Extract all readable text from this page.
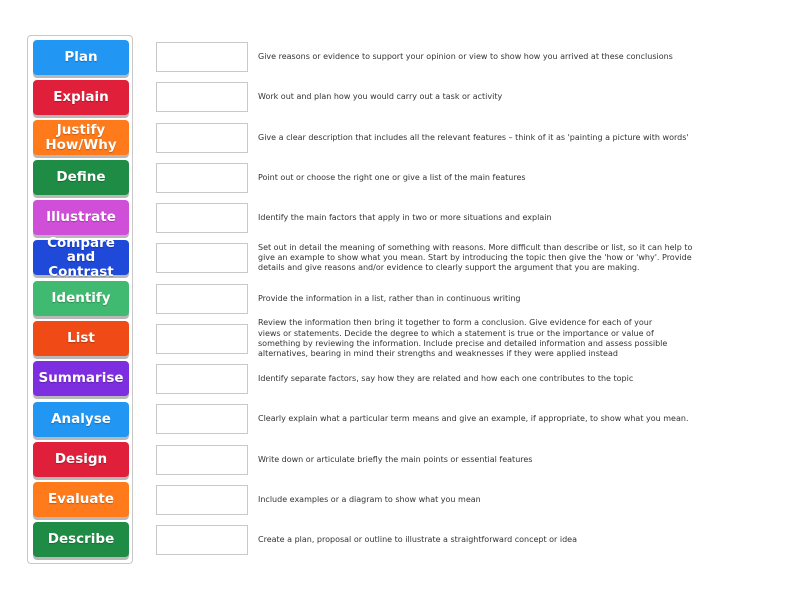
Plan
Explain
Justify
How/Why
Define
Illustrate
Compare
and Contrast
Identify
List
Summarise
Analyse
Design
Evaluate
Describe
Give reasons or evidence to support your opinion or view to show how you arrived at these conclusions
Work out and plan how you would carry out a task or activity
Give a clear description that includes all the relevant features – think of it as 'painting a picture with words'
Point out or choose the right one or give a list of the main features
Identify the main factors that apply in two or more situations and explain
Set out in detail the meaning of something with reasons. More difficult than describe or list, so it can help to give an example to show what you mean. Start by introducing the topic then give the 'how or 'why'. Provide details and give reasons and/or evidence to clearly support the argument that you are making.
Provide the information in a list, rather than in continuous writing
Review the information then bring it together to form a conclusion. Give evidence for each of your views or statements. Decide the degree to which a statement is true or the importance or value of something by reviewing the information. Include precise and detailed information and assess possible alternatives, bearing in mind their strengths and weaknesses if they were applied instead
Identify separate factors, say how they are related and how each one contributes to the topic
Clearly explain what a particular term means and give an example, if appropriate, to show what you mean.
Write down or articulate briefly the main points or essential features
Include examples or a diagram to show what you mean
Create a plan, proposal or outline to illustrate a straightforward concept or idea
